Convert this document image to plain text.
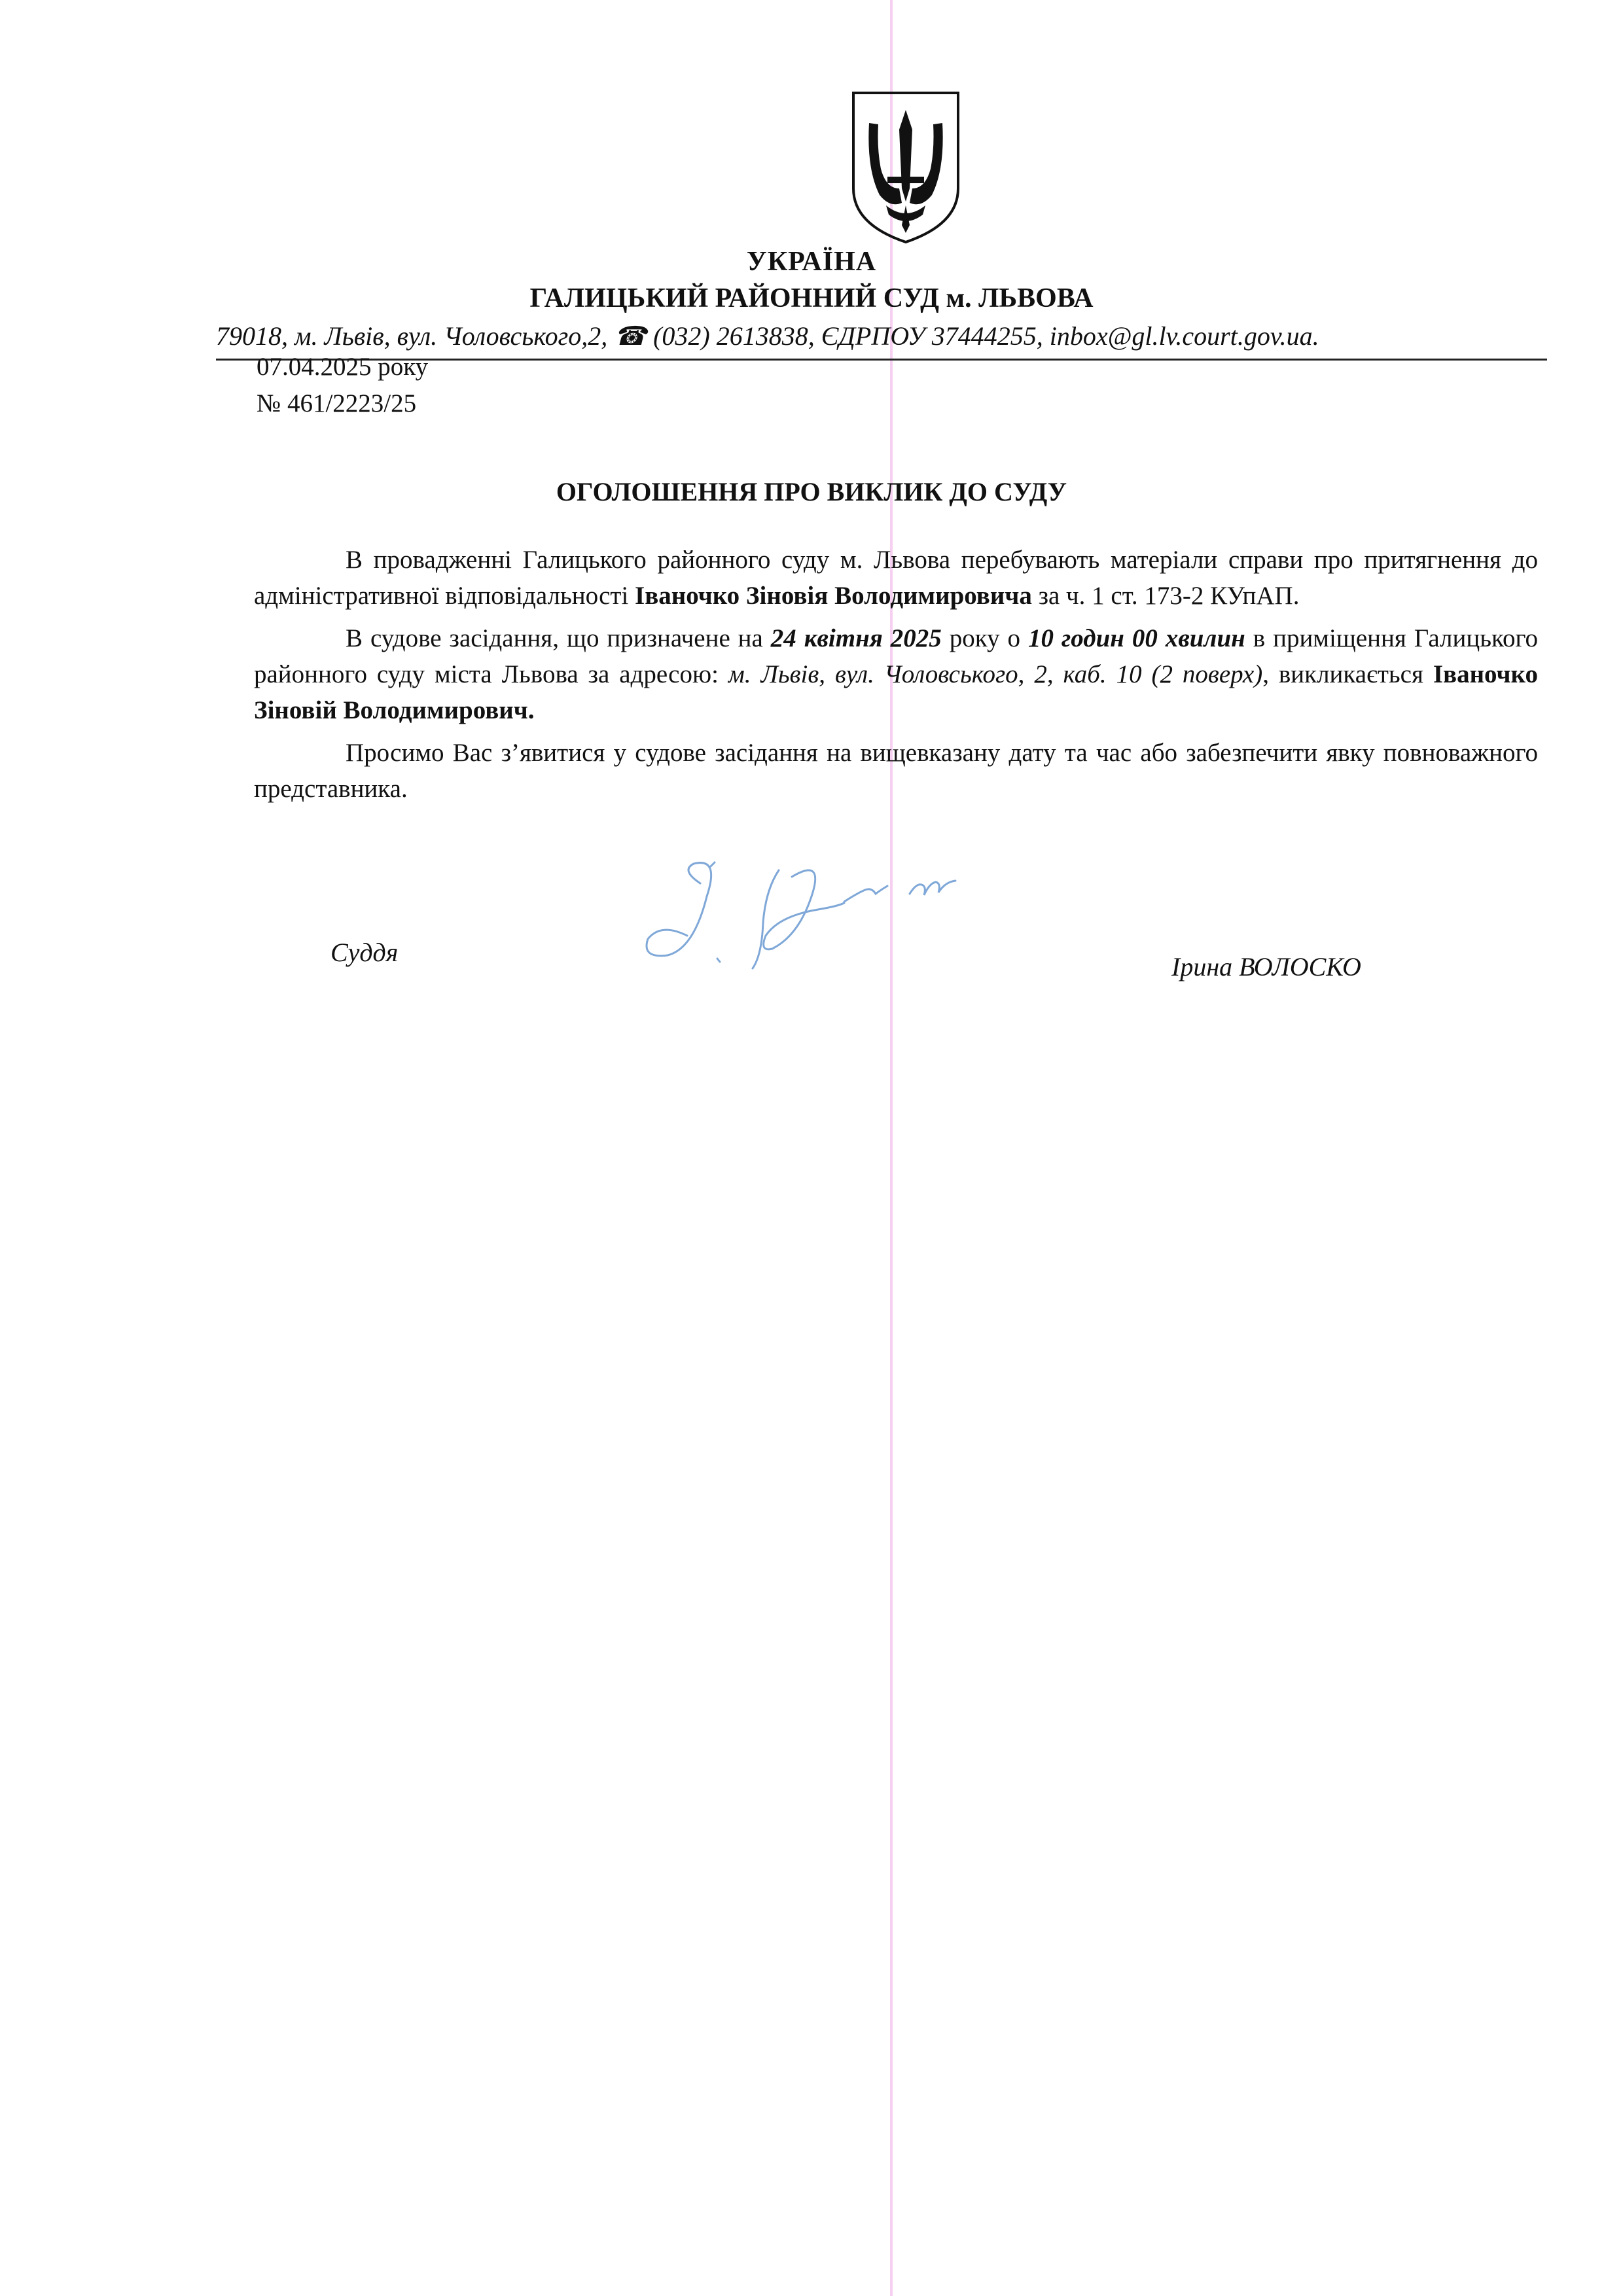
УКРАЇНА
ГАЛИЦЬКИЙ РАЙОННИЙ СУД м. ЛЬВОВА
79018, м. Львів, вул. Чоловського,2, ☎ (032) 2613838, ЄДРПОУ 37444255, inbox@gl.lv.court.gov.ua.
07.04.2025 року
№ 461/2223/25
ОГОЛОШЕННЯ ПРО ВИКЛИК ДО СУДУ

В провадженні Галицького районного суду м. Львова перебувають матеріали справи про притягнення до адміністративної відповідальності Іваночко Зіновія Володимировича за ч. 1 ст. 173-2 КУпАП.

В судове засідання, що призначене на 24 квітня 2025 року о 10 годин 00 хвилин в приміщення Галицького районного суду міста Львова за адресою: м. Львів, вул. Чоловського, 2, каб. 10 (2 поверх), викликається Іваночко Зіновій Володимирович.

Просимо Вас з’явитися у судове засідання на вищевказану дату та час або забезпечити явку повноважного представника.

Суддя	Ірина ВОЛОСКО
